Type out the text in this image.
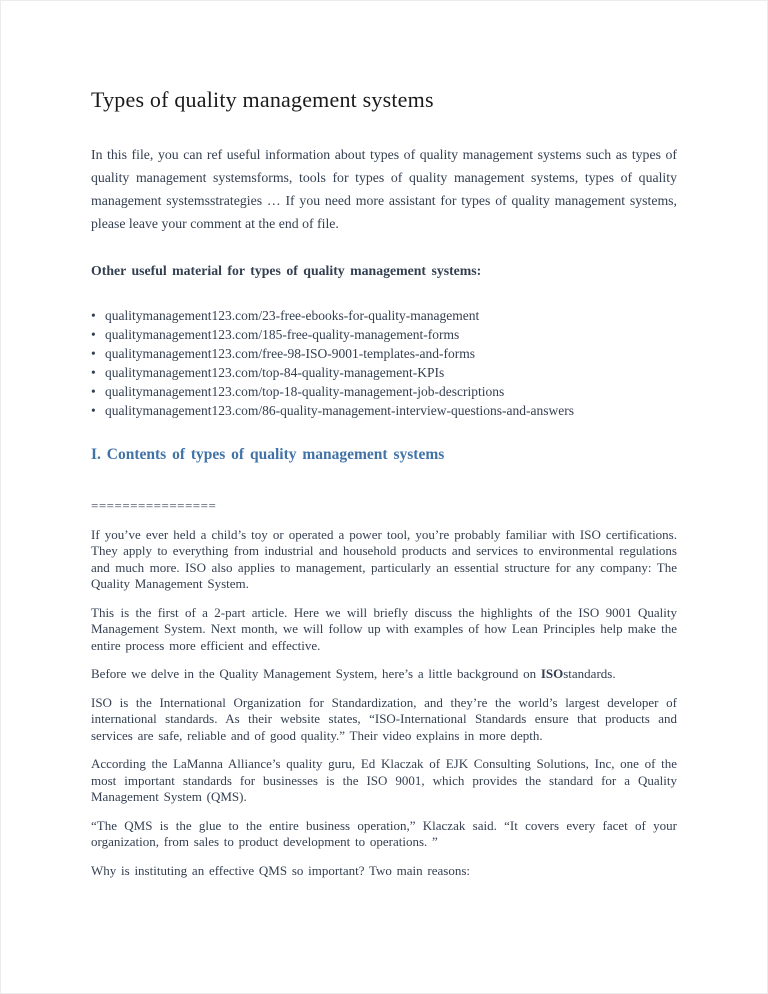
Types of quality management systems

In this file, you can ref useful information about types of quality management systems such as types of quality management systemsforms, tools for types of quality management systems, types of quality management systemsstrategies … If you need more assistant for types of quality management systems, please leave your comment at the end of file.

Other useful material for types of quality management systems:

• qualitymanagement123.com/23-free-ebooks-for-quality-management
• qualitymanagement123.com/185-free-quality-management-forms
• qualitymanagement123.com/free-98-ISO-9001-templates-and-forms
• qualitymanagement123.com/top-84-quality-management-KPIs
• qualitymanagement123.com/top-18-quality-management-job-descriptions
• qualitymanagement123.com/86-quality-management-interview-questions-and-answers
I. Contents of types of quality management systems

================

If you’ve ever held a child’s toy or operated a power tool, you’re probably familiar with ISO certifications. They apply to everything from industrial and household products and services to environmental regulations and much more. ISO also applies to management, particularly an essential structure for any company: The Quality Management System.

This is the first of a 2-part article. Here we will briefly discuss the highlights of the ISO 9001 Quality Management System. Next month, we will follow up with examples of how Lean Principles help make the entire process more efficient and effective.

Before we delve in the Quality Management System, here’s a little background on ISOstandards.

ISO is the International Organization for Standardization, and they’re the world’s largest developer of international standards. As their website states, “ISO-International Standards ensure that products and services are safe, reliable and of good quality.” Their video explains in more depth.

According the LaManna Alliance’s quality guru, Ed Klaczak of EJK Consulting Solutions, Inc, one of the most important standards for businesses is the ISO 9001, which provides the standard for a Quality Management System (QMS).

“The QMS is the glue to the entire business operation,” Klaczak said. “It covers every facet of your organization, from sales to product development to operations. ”

Why is instituting an effective QMS so important? Two main reasons:
